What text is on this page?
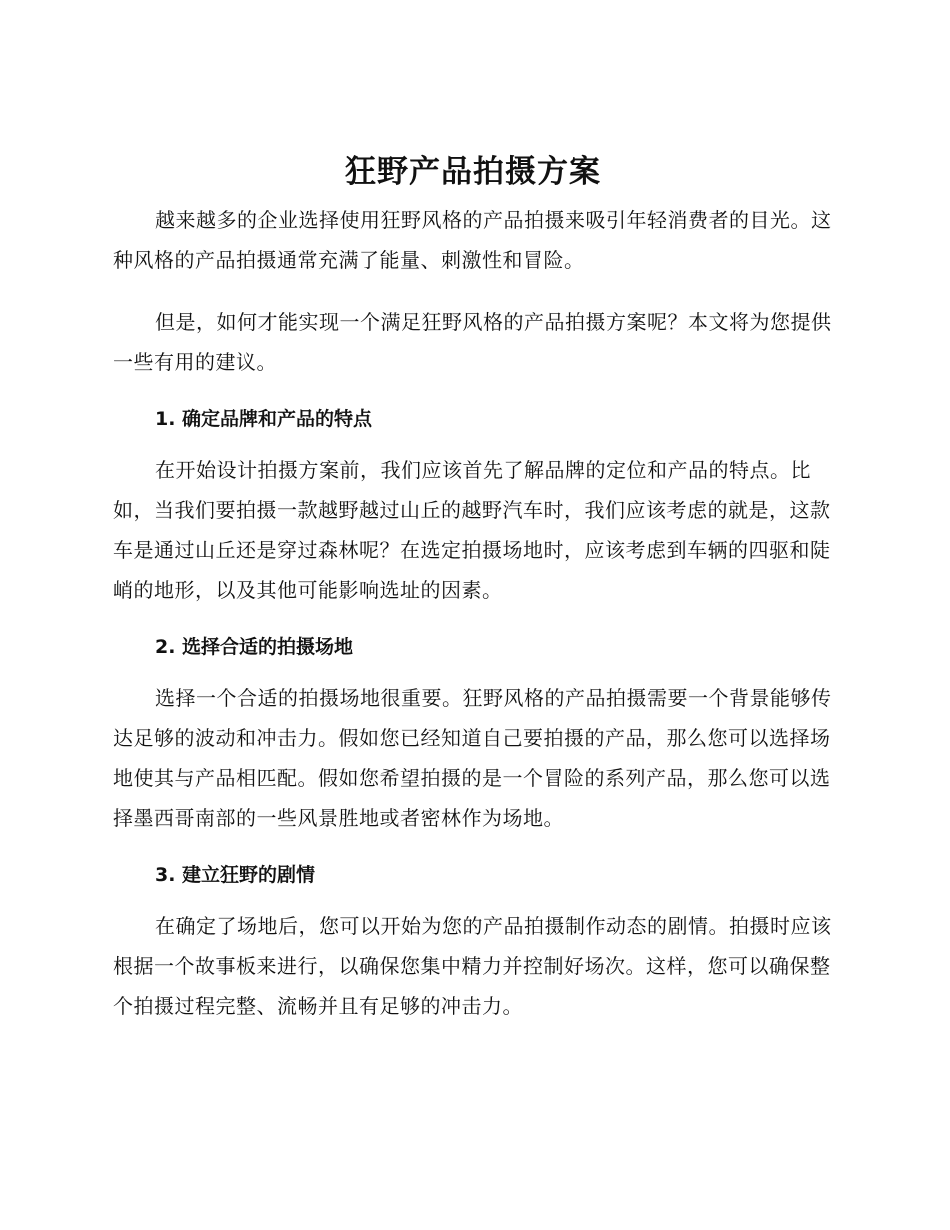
狂野产品拍摄方案

越来越多的企业选择使用狂野风格的产品拍摄来吸引年轻消费者的目光。这种风格的产品拍摄通常充满了能量、刺激性和冒险。

但是，如何才能实现一个满足狂野风格的产品拍摄方案呢？本文将为您提供一些有用的建议。

1. 确定品牌和产品的特点

在开始设计拍摄方案前，我们应该首先了解品牌的定位和产品的特点。比如，当我们要拍摄一款越野越过山丘的越野汽车时，我们应该考虑的就是，这款车是通过山丘还是穿过森林呢？在选定拍摄场地时，应该考虑到车辆的四驱和陡峭的地形，以及其他可能影响选址的因素。

2. 选择合适的拍摄场地

选择一个合适的拍摄场地很重要。狂野风格的产品拍摄需要一个背景能够传达足够的波动和冲击力。假如您已经知道自己要拍摄的产品，那么您可以选择场地使其与产品相匹配。假如您希望拍摄的是一个冒险的系列产品，那么您可以选择墨西哥南部的一些风景胜地或者密林作为场地。

3. 建立狂野的剧情

在确定了场地后，您可以开始为您的产品拍摄制作动态的剧情。拍摄时应该根据一个故事板来进行，以确保您集中精力并控制好场次。这样，您可以确保整个拍摄过程完整、流畅并且有足够的冲击力。
